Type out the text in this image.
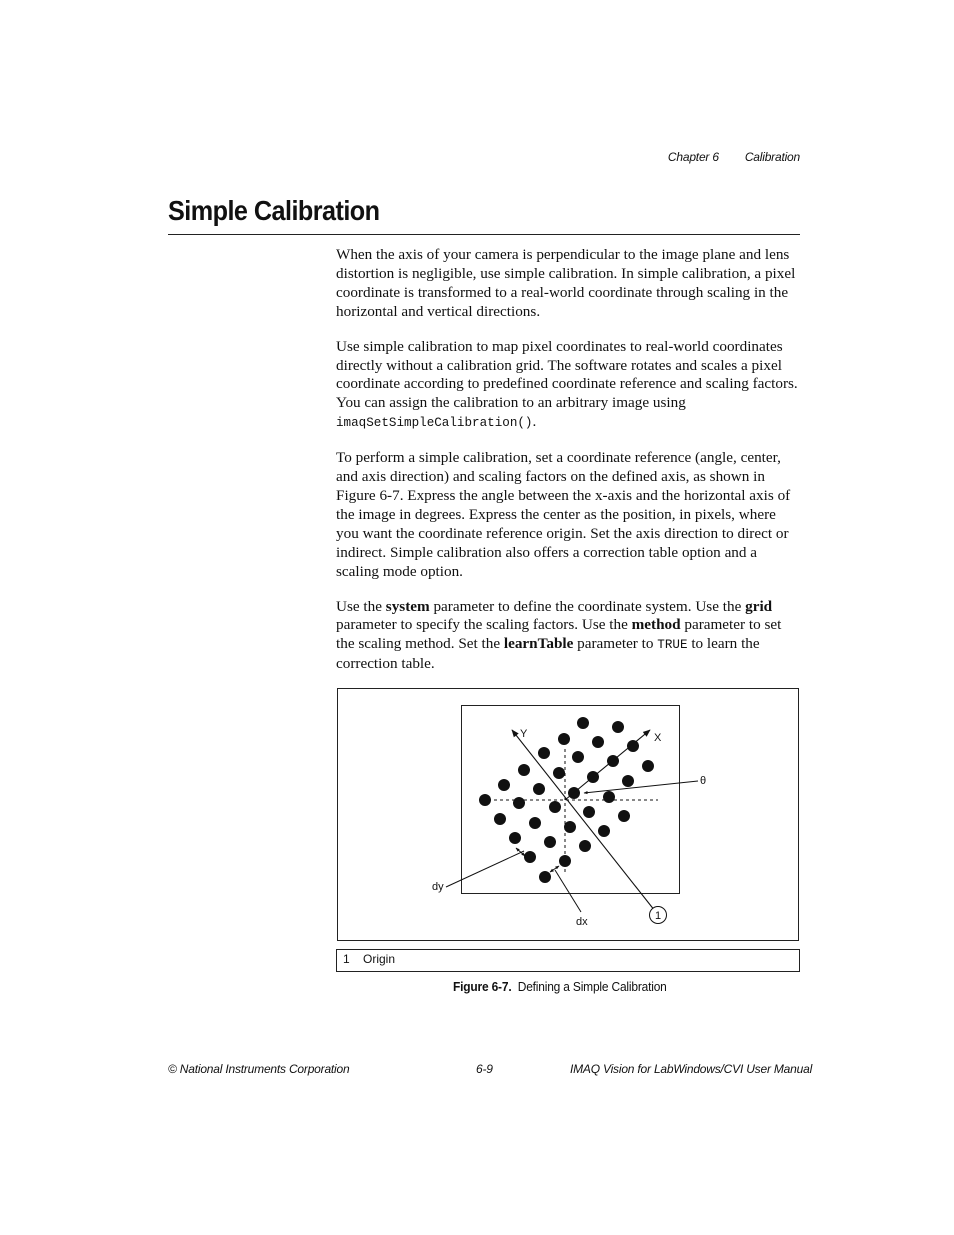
Chapter 6 Calibration
Simple Calibration

When the axis of your camera is perpendicular to the image plane and lens distortion is negligible, use simple calibration. In simple calibration, a pixel coordinate is transformed to a real-world coordinate through scaling in the horizontal and vertical directions.

Use simple calibration to map pixel coordinates to real-world coordinates directly without a calibration grid. The software rotates and scales a pixel coordinate according to predefined coordinate reference and scaling factors. You can assign the calibration to an arbitrary image using imaqSetSimpleCalibration().

To perform a simple calibration, set a coordinate reference (angle, center, and axis direction) and scaling factors on the defined axis, as shown in Figure 6-7. Express the angle between the x-axis and the horizontal axis of the image in degrees. Express the center as the position, in pixels, where you want the coordinate reference origin. Set the axis direction to direct or indirect. Simple calibration also offers a correction table option and a scaling mode option.

Use the system parameter to define the coordinate system. Use the grid parameter to specify the scaling factors. Use the method parameter to set the scaling method. Set the learnTable parameter to TRUE to learn the correction table.

1
Y	X
θ
dy
dx
1 Origin
Figure 6-7. Defining a Simple Calibration
© National Instruments Corporation	6-9	IMAQ Vision for LabWindows/CVI User Manual
